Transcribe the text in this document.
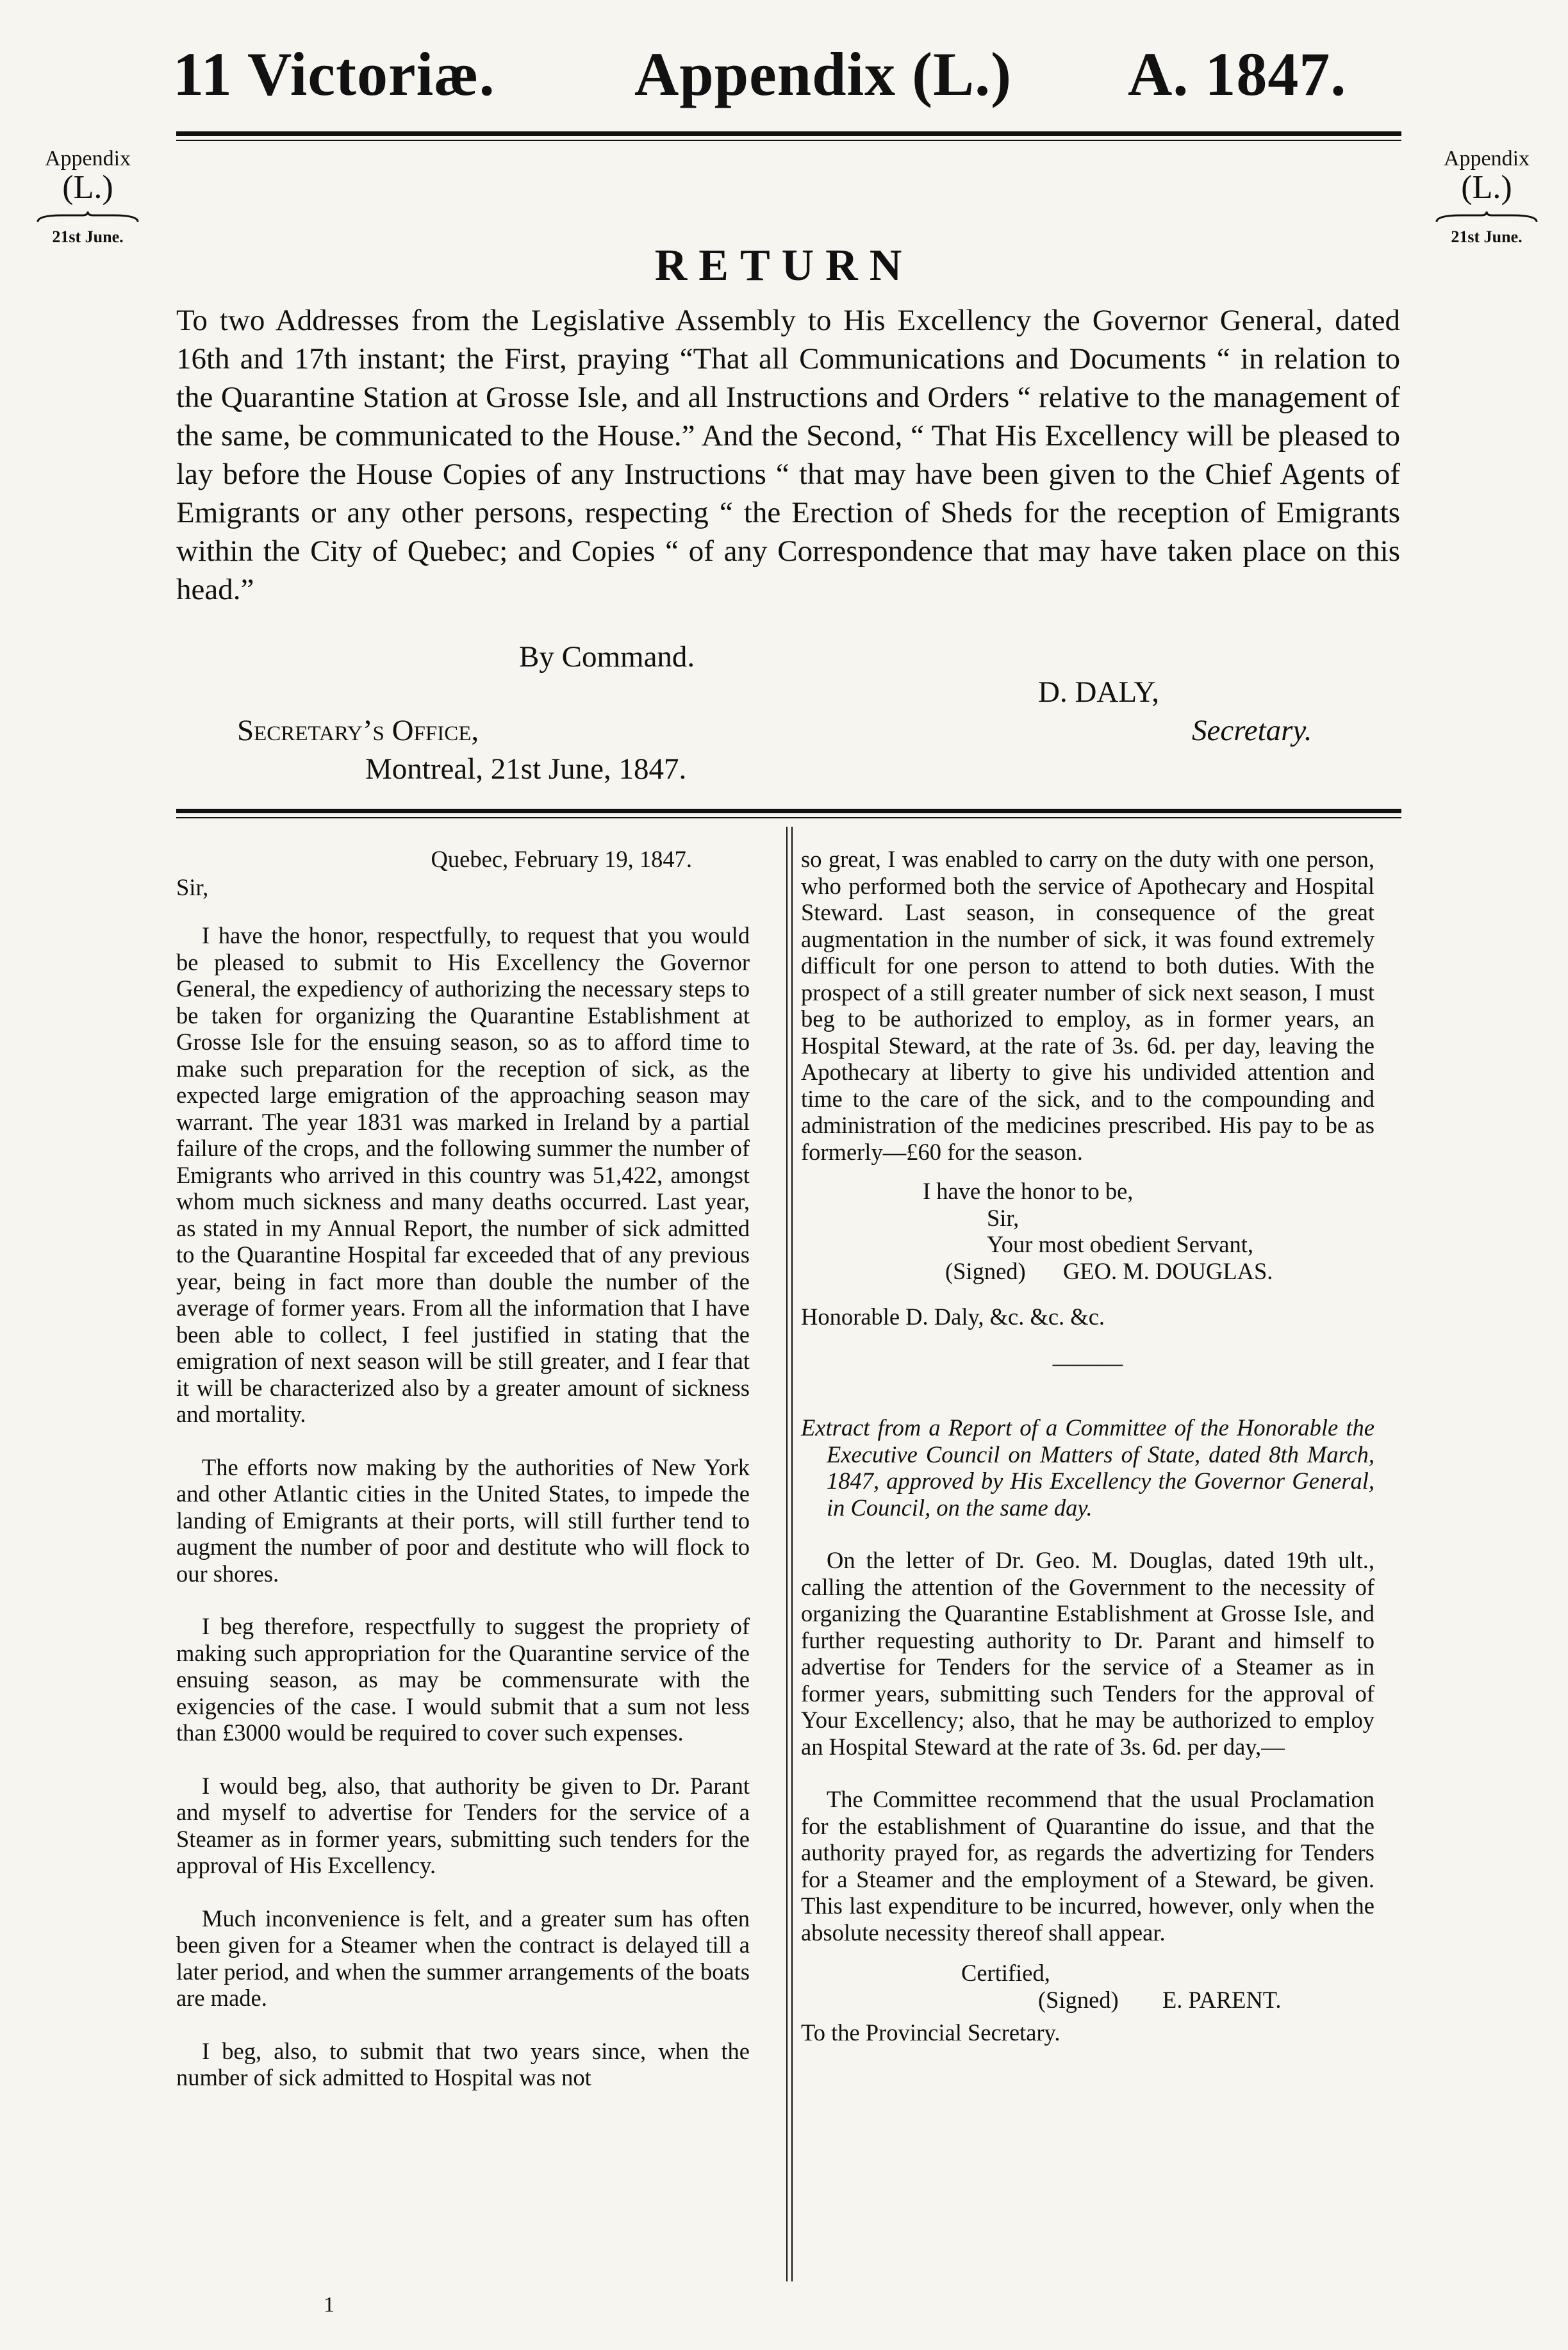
11 Victoriæ. Appendix (L.) A. 1847.
Appendix
(L.)
21st June.
Appendix
(L.)
21st June.
RETURN

To two Addresses from the Legislative Assembly to His Excellency the Governor General, dated 16th and 17th instant; the First, praying “That all Communications and Documents “ in relation to the Quarantine Station at Grosse Isle, and all Instructions and Orders “ relative to the management of the same, be communicated to the House.” And the Second, “ That His Excellency will be pleased to lay before the House Copies of any Instructions “ that may have been given to the Chief Agents of Emigrants or any other persons, respecting “ the Erection of Sheds for the reception of Emigrants within the City of Quebec; and Copies “ of any Correspondence that may have taken place on this head.”

By Command.
D. DALY,
Secretary’s Office,	Secretary.
Montreal, 21st June, 1847.
Quebec, February 19, 1847.
Sir,

I have the honor, respectfully, to request that you would be pleased to submit to His Excellency the Governor General, the expediency of authorizing the necessary steps to be taken for organizing the Quarantine Establishment at Grosse Isle for the ensuing season, so as to afford time to make such preparation for the reception of sick, as the expected large emigration of the approaching season may warrant. The year 1831 was marked in Ireland by a partial failure of the crops, and the following summer the number of Emigrants who arrived in this country was 51,422, amongst whom much sickness and many deaths occurred. Last year, as stated in my Annual Report, the number of sick admitted to the Quarantine Hospital far exceeded that of any previous year, being in fact more than double the number of the average of former years. From all the information that I have been able to collect, I feel justified in stating that the emigration of next season will be still greater, and I fear that it will be characterized also by a greater amount of sickness and mortality.

The efforts now making by the authorities of New York and other Atlantic cities in the United States, to impede the landing of Emigrants at their ports, will still further tend to augment the number of poor and destitute who will flock to our shores.

I beg therefore, respectfully to suggest the propriety of making such appropriation for the Quarantine service of the ensuing season, as may be commensurate with the exigencies of the case. I would submit that a sum not less than £3000 would be required to cover such expenses.

I would beg, also, that authority be given to Dr. Parant and myself to advertise for Tenders for the service of a Steamer as in former years, submitting such tenders for the approval of His Excellency.

Much inconvenience is felt, and a greater sum has often been given for a Steamer when the contract is delayed till a later period, and when the summer arrangements of the boats are made.

I beg, also, to submit that two years since, when the number of sick admitted to Hospital was not

1

so great, I was enabled to carry on the duty with one person, who performed both the service of Apothecary and Hospital Steward. Last season, in consequence of the great augmentation in the number of sick, it was found extremely difficult for one person to attend to both duties. With the prospect of a still greater number of sick next season, I must beg to be authorized to employ, as in former years, an Hospital Steward, at the rate of 3s. 6d. per day, leaving the Apothecary at liberty to give his undivided attention and time to the care of the sick, and to the compounding and administration of the medicines prescribed. His pay to be as formerly—£60 for the season.

I have the honor to be,
Sir,
Your most obedient Servant,
(Signed) GEO. M. DOUGLAS.
Honorable D. Daly, &c. &c. &c.
———

Extract from a Report of a Committee of the Honorable the Executive Council on Matters of State, dated 8th March, 1847, approved by His Excellency the Governor General, in Council, on the same day.

On the letter of Dr. Geo. M. Douglas, dated 19th ult., calling the attention of the Government to the necessity of organizing the Quarantine Establishment at Grosse Isle, and further requesting authority to Dr. Parant and himself to advertise for Tenders for the service of a Steamer as in former years, submitting such Tenders for the approval of Your Excellency; also, that he may be authorized to employ an Hospital Steward at the rate of 3s. 6d. per day,—

The Committee recommend that the usual Proclamation for the establishment of Quarantine do issue, and that the authority prayed for, as regards the advertizing for Tenders for a Steamer and the employment of a Steward, be given. This last expenditure to be incurred, however, only when the absolute necessity thereof shall appear.

Certified,
(Signed) E. PARENT.
To the Provincial Secretary.
